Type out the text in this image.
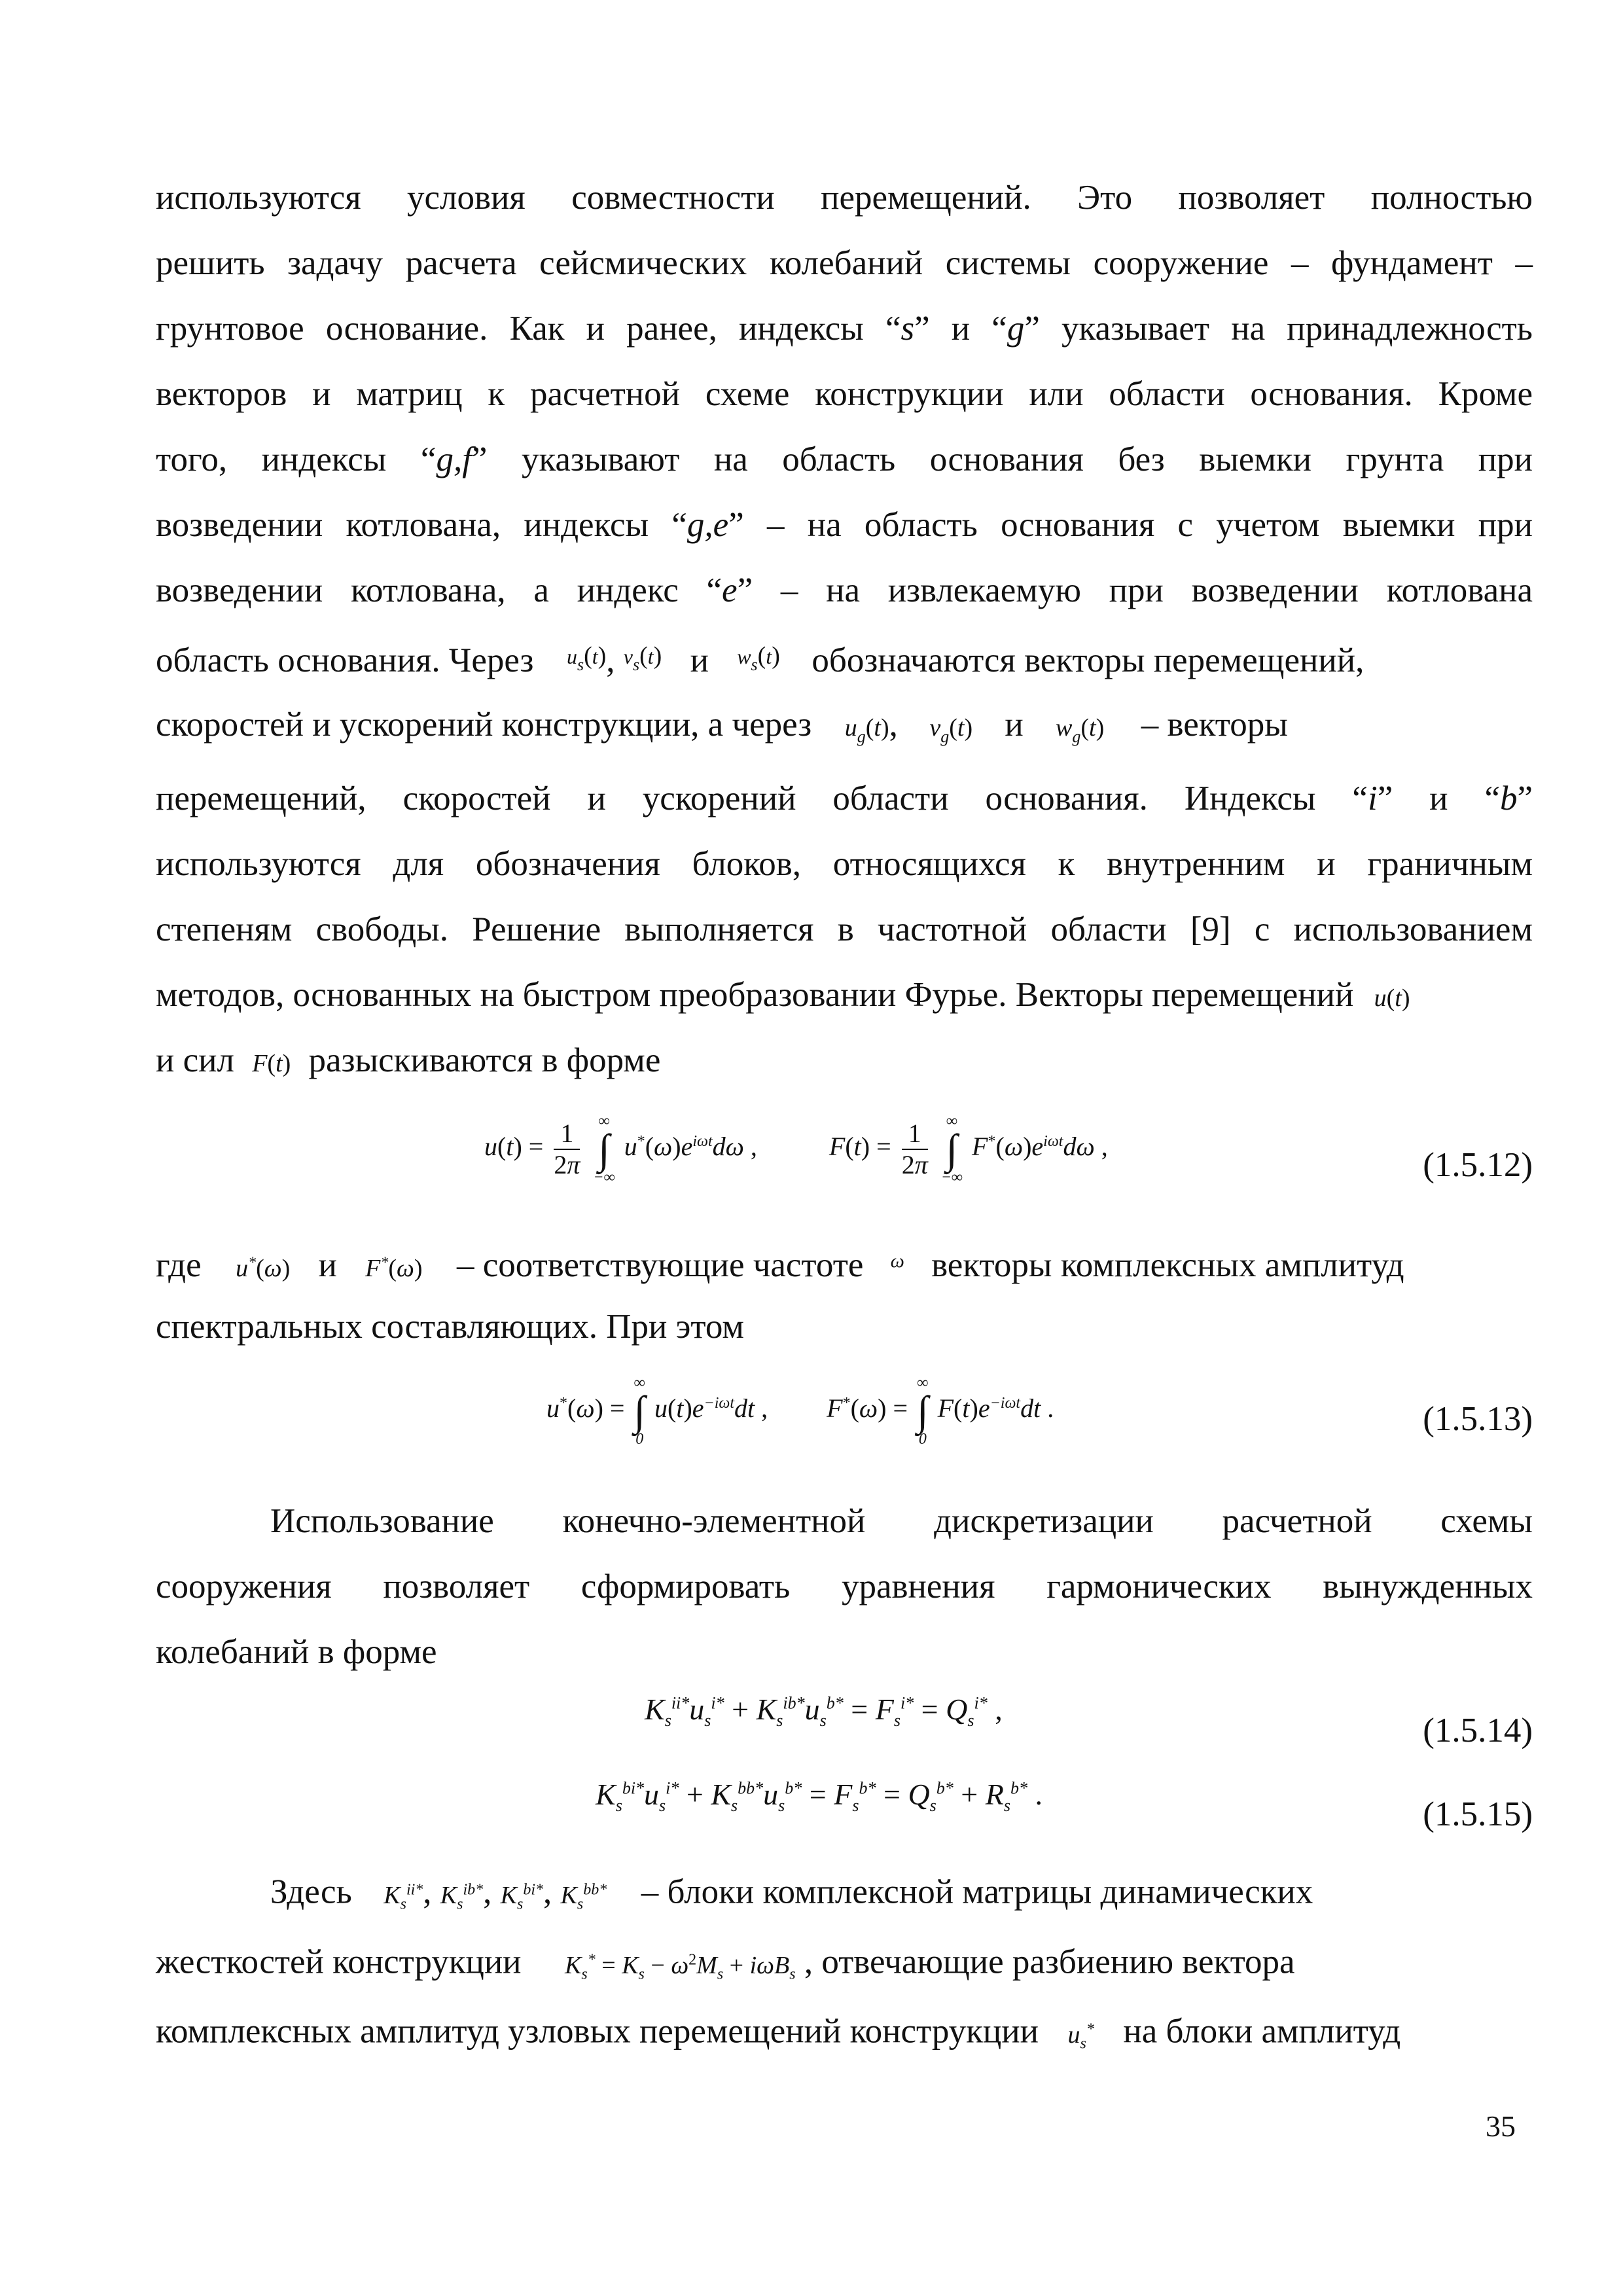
используются условия совместности перемещений. Это позволяет полностью
решить задачу расчета сейсмических колебаний системы сооружение – фундамент –
грунтовое основание. Как и ранее, индексы “s” и “g” указывает на принадлежность
векторов и матриц к расчетной схеме конструкции или области основания. Кроме
того, индексы “g,f” указывают на область основания без выемки грунта при
возведении котлована, индексы “g,e” – на область основания с учетом выемки при
возведении котлована, а индекс “e” – на извлекаемую при возведении котлована
область основания. Через $^{u_s(t)}$, $^{v_s(t)}$ и $^{w_s(t)}$ обозначаются векторы перемещений,
скоростей и ускорений конструкции, а через $u_g(t)$, $v_g(t)$ и $w_g(t)$ – векторы
перемещений, скоростей и ускорений области основания. Индексы “i” и “b”
используются для обозначения блоков, относящихся к внутренним и граничным
степеням свободы. Решение выполняется в частотной области [9] с использованием
методов, основанных на быстром преобразовании Фурье. Векторы перемещений u(t)
и сил F(t) разыскиваются в форме
$u(t) = \frac{1}{2\pi}$
	∞
∫
−∞
$u^*(\omega)e^{i\omega t}d\omega$ ,	$F(t) = \frac{1}{2\pi}$
	∞
∫
−∞
$F^*(\omega)e^{i\omega t}d\omega$ ,	(1.5.12)
где u*(ω) и F*(ω) – соответствующие частоте $^\omega$ векторы комплексных амплитуд
спектральных составляющих. При этом
u*(ω) =
∞
∫
0
$u(t)e^{-i\omega t}dt$ ,  F*(ω) =
∞
∫
0
$F(t)e^{-i\omega t}dt$ .	(1.5.13)
Использование конечно-элементной дискретизации расчетной схемы
сооружения позволяет сформировать уравнения гармонических вынужденных
колебаний в форме
$K_s^{ii*}u_s^{i*} + K_s^{ib*}u_s^{b*} = F_s^{i*} = Q_s^{i*}$ ,
(1.5.14)
$K_s^{bi*}u_s^{i*} + K_s^{bb*}u_s^{b*} = F_s^{b*} = Q_s^{b*} + R_s^{b*}$ .
(1.5.15)
Здесь $K_s^{ii*}$, $K_s^{ib*}$, $K_s^{bi*}$, $K_s^{bb*}$ – блоки комплексной матрицы динамических
жесткостей конструкции $K_s^* = K_s - \omega^2M_s + i\omega B_s$ , отвечающие разбиению вектора
комплексных амплитуд узловых перемещений конструкции $u_s^*$ на блоки амплитуд
35
